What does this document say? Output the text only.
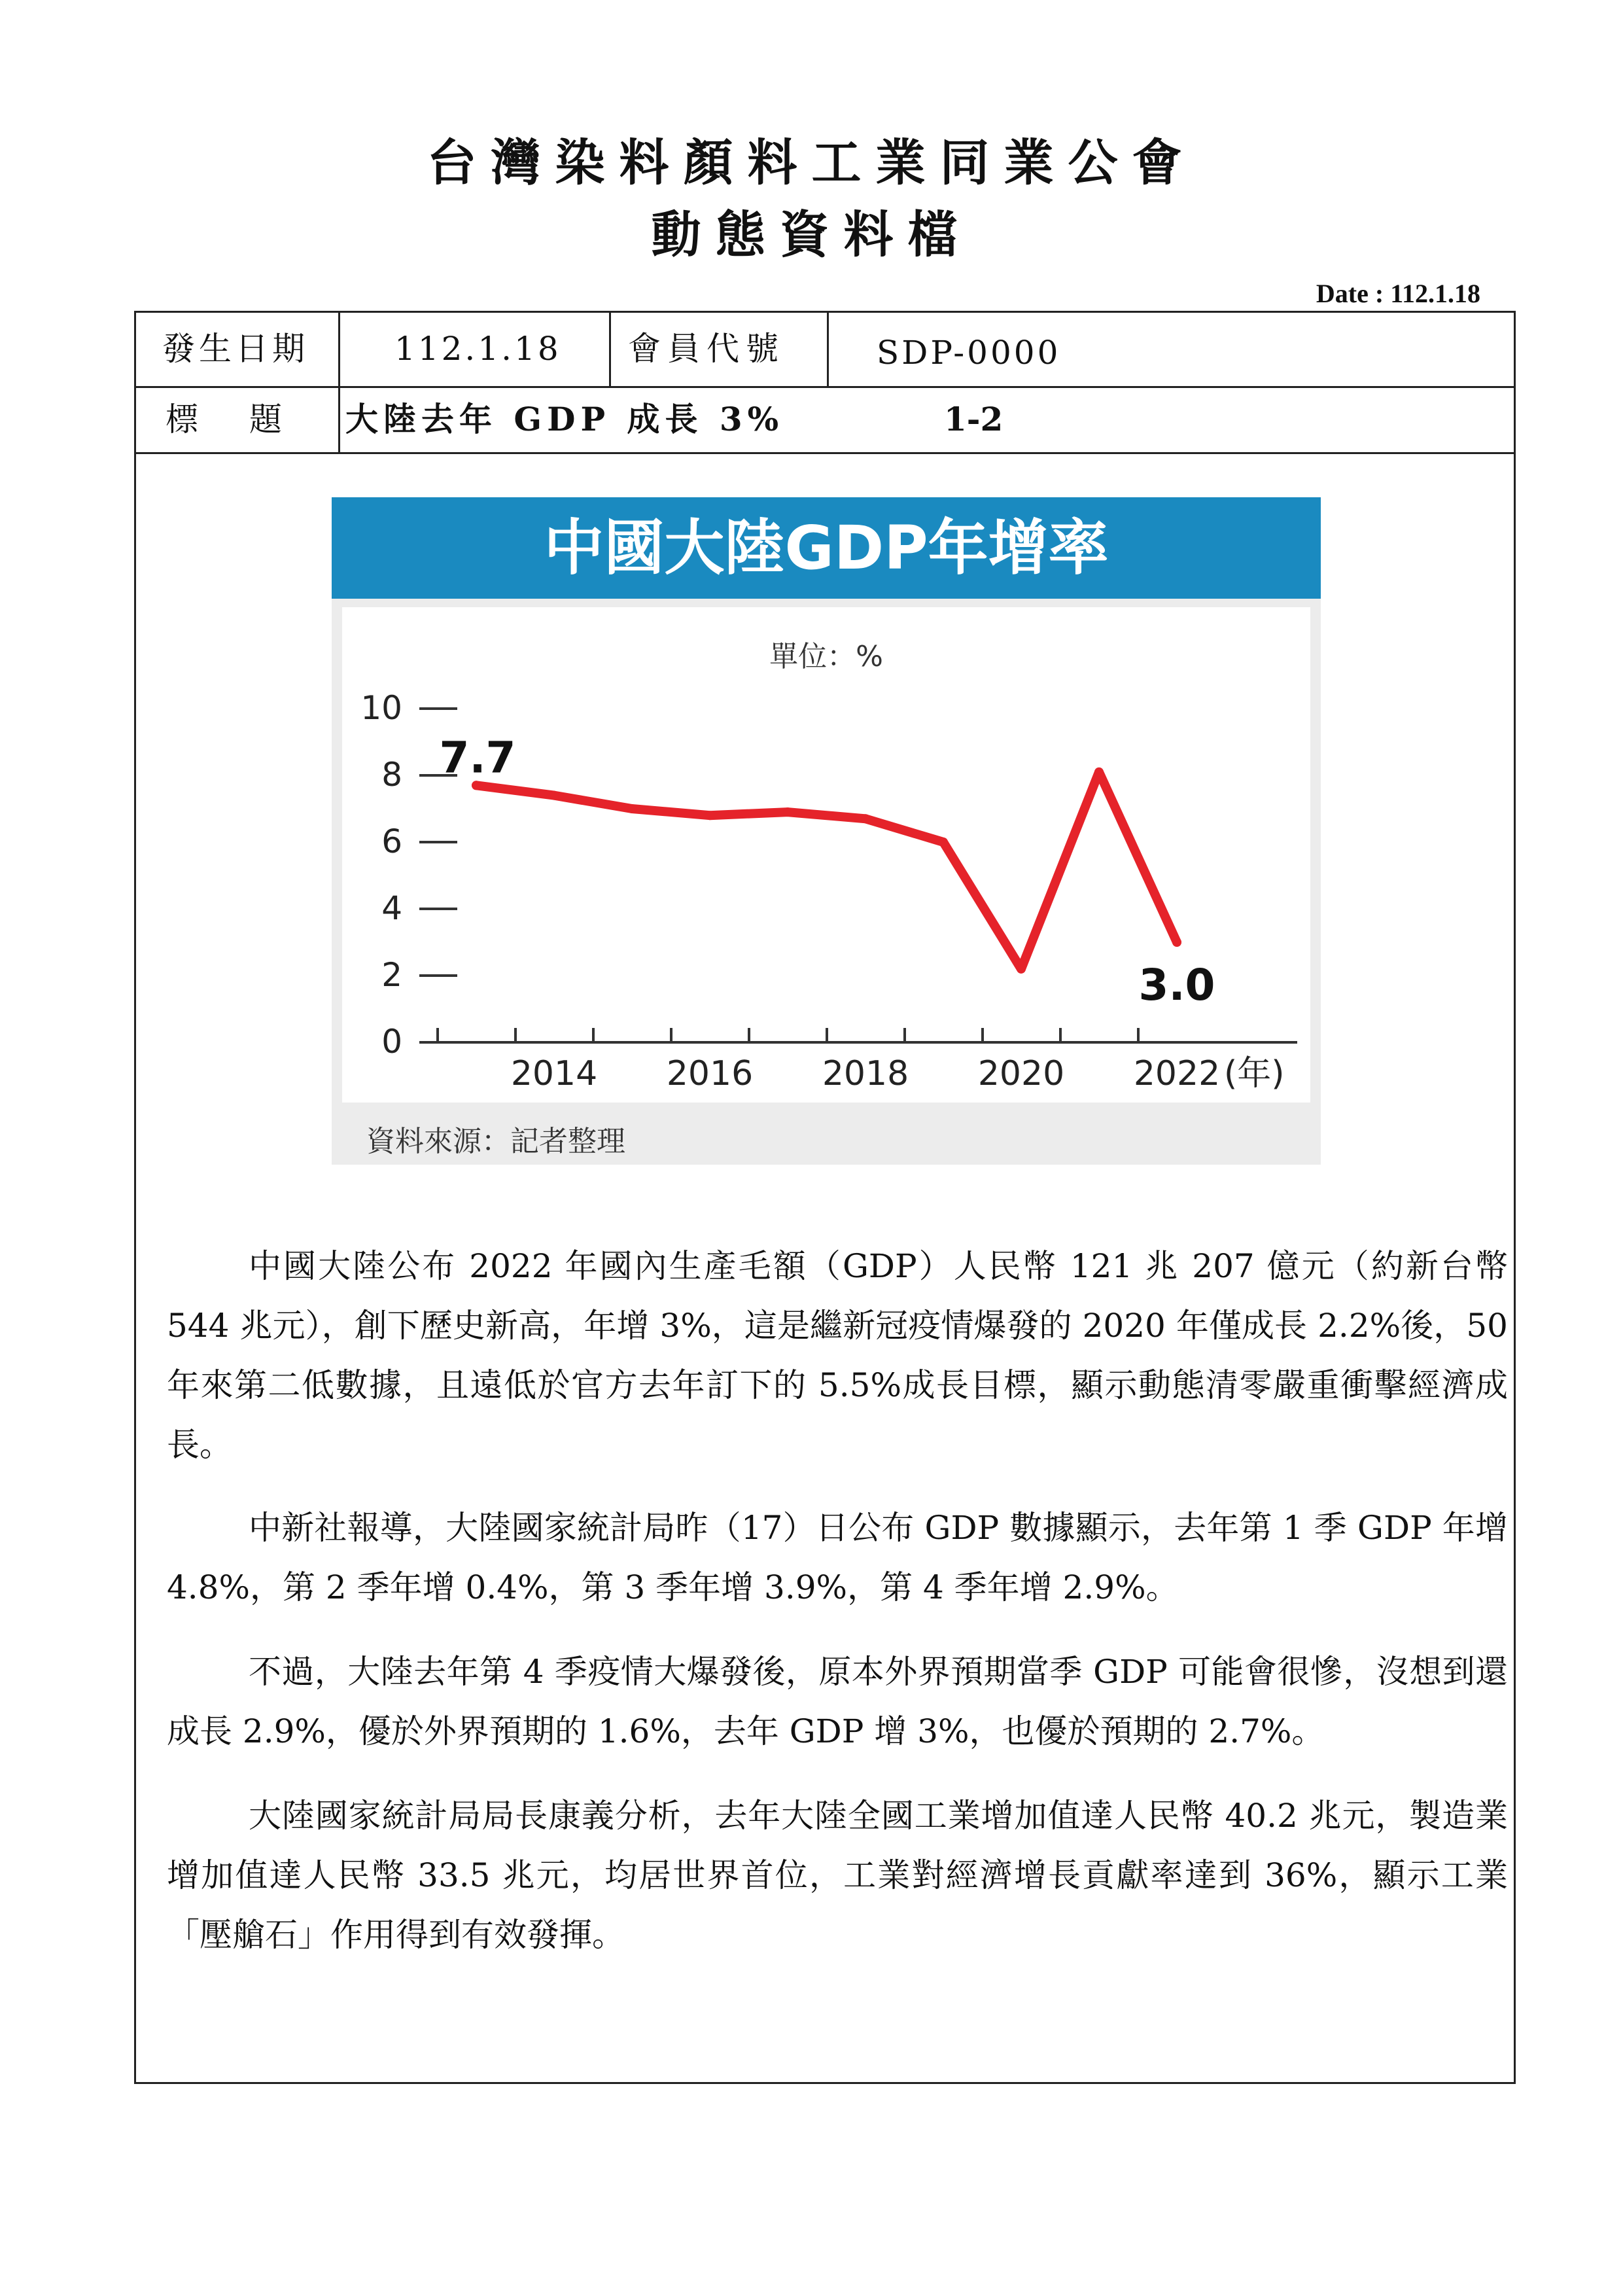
台灣染料顏料工業同業公會
動態資料檔
Date : 112.1.18
發生日期	112.1.18 會員代號	SDP-0000
標　題 大陸去年 GDP 成長 3%	1-2
中國大陸GDP年增率
單位：%
0
2
4
6
8
10
2014 2016 2018 2020 2022 (年)
7.7
3.0
資料來源：記者整理

中國大陸公布 2022 年國內生產毛額（GDP）人民幣 121 兆 207 億元（約新台幣 544 兆元），創下歷史新高，年增 3%，這是繼新冠疫情爆發的 2020 年僅成長 2.2%後，50 年來第二低數據，且遠低於官方去年訂下的 5.5%成長目標，顯示動態清零嚴重衝擊經濟成長。

中新社報導，大陸國家統計局昨（17）日公布 GDP 數據顯示，去年第 1 季 GDP 年增 4.8%，第 2 季年增 0.4%，第 3 季年增 3.9%，第 4 季年增 2.9%。

不過，大陸去年第 4 季疫情大爆發後，原本外界預期當季 GDP 可能會很慘，沒想到還成長 2.9%，優於外界預期的 1.6%，去年 GDP 增 3%，也優於預期的 2.7%。

大陸國家統計局局長康義分析，去年大陸全國工業增加值達人民幣 40.2 兆元，製造業增加值達人民幣 33.5 兆元，均居世界首位，工業對經濟增長貢獻率達到 36%，顯示工業「壓艙石」作用得到有效發揮。
